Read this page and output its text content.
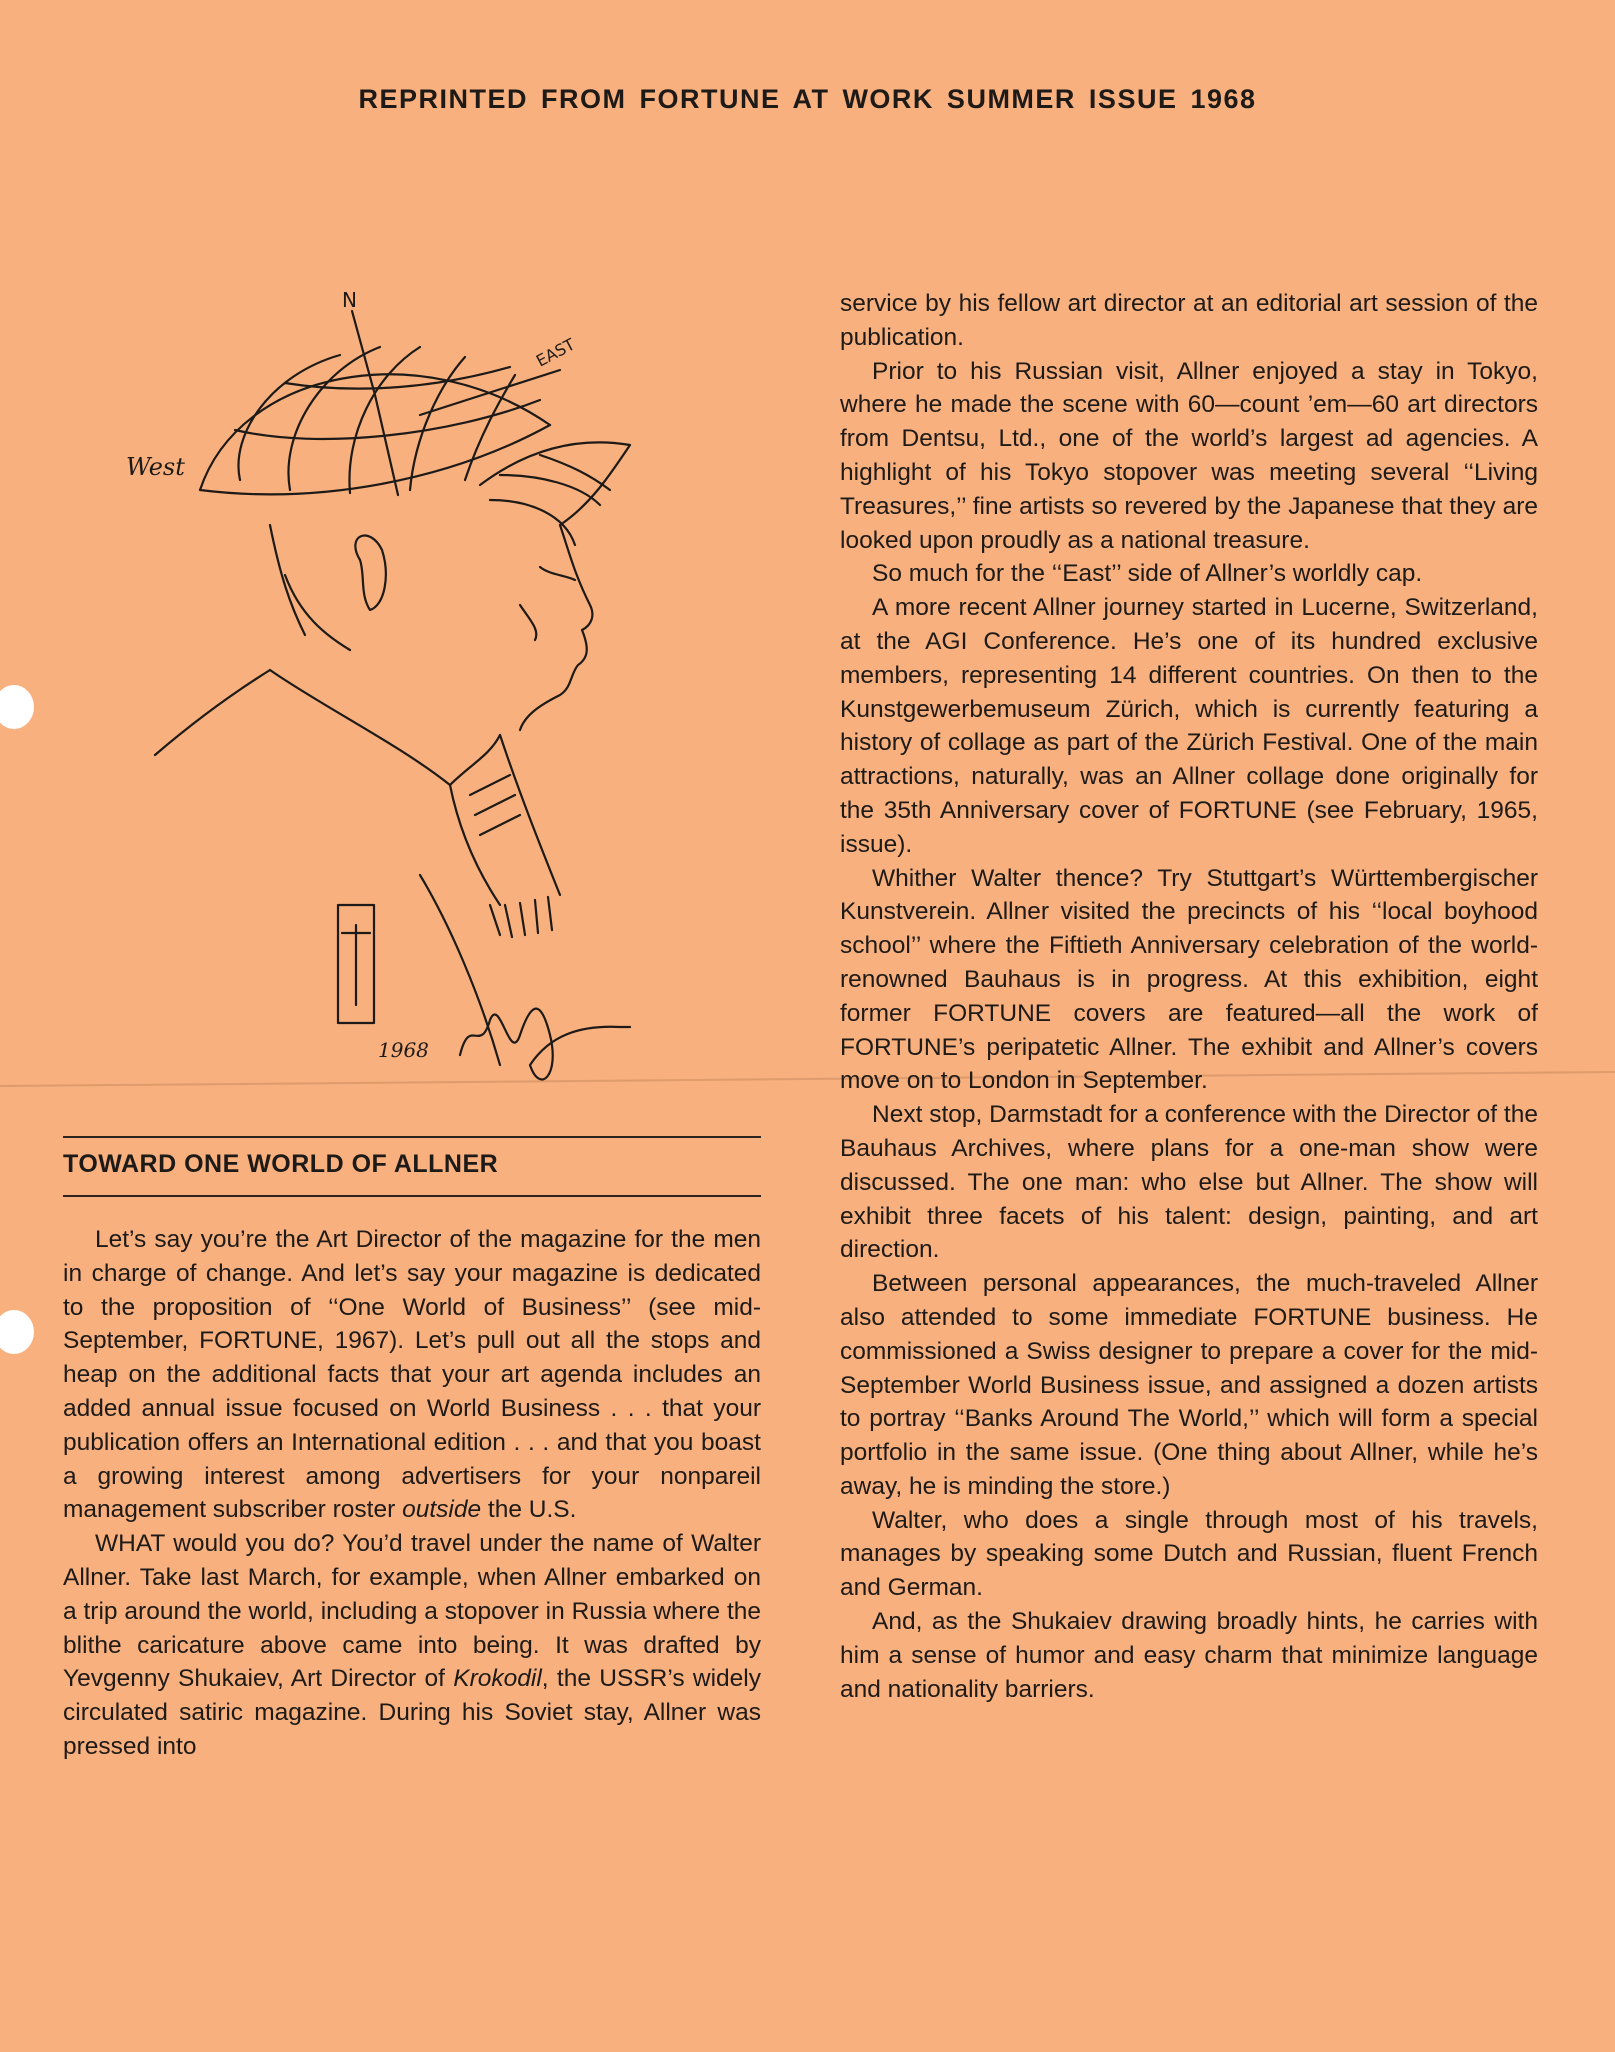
REPRINTED FROM FORTUNE AT WORK SUMMER ISSUE 1968
West
N
EAST
1968
TOWARD ONE WORLD OF ALLNER

Let’s say you’re the Art Director of the magazine for the men in charge of change. And let’s say your magazine is dedicated to the proposition of ‘‘One World of Business’’ (see mid-September, FORTUNE, 1967). Let’s pull out all the stops and heap on the additional facts that your art agenda includes an added annual issue focused on World Business . . . that your publication offers an International edition . . . and that you boast a growing interest among advertisers for your nonpareil management subscriber roster outside the U.S.

WHAT would you do? You’d travel under the name of Walter Allner. Take last March, for example, when Allner embarked on a trip around the world, including a stopover in Russia where the blithe caricature above came into being. It was drafted by Yevgenny Shukaiev, Art Director of Krokodil, the USSR’s widely circulated satiric magazine. During his Soviet stay, Allner was pressed into

service by his fellow art director at an editorial art session of the publication.

Prior to his Russian visit, Allner enjoyed a stay in Tokyo, where he made the scene with 60—count ’em—60 art directors from Dentsu, Ltd., one of the world’s largest ad agencies. A highlight of his Tokyo stopover was meeting several ‘‘Living Treasures,’’ fine artists so revered by the Japanese that they are looked upon proudly as a national treasure.

So much for the ‘‘East’’ side of Allner’s worldly cap.

A more recent Allner journey started in Lucerne, Switzerland, at the AGI Conference. He’s one of its hundred exclusive members, representing 14 different countries. On then to the Kunstgewerbemuseum Zürich, which is currently featuring a history of collage as part of the Zürich Festival. One of the main attractions, naturally, was an Allner collage done originally for the 35th Anniversary cover of FORTUNE (see February, 1965, issue).

Whither Walter thence? Try Stuttgart’s Württembergischer Kunstverein. Allner visited the precincts of his ‘‘local boyhood school’’ where the Fiftieth Anniversary celebration of the world-renowned Bauhaus is in progress. At this exhibition, eight former FORTUNE covers are featured—all the work of FORTUNE’s peripatetic Allner. The exhibit and Allner’s covers move on to London in September.

Next stop, Darmstadt for a conference with the Director of the Bauhaus Archives, where plans for a one-man show were discussed. The one man: who else but Allner. The show will exhibit three facets of his talent: design, painting, and art direction.

Between personal appearances, the much-traveled Allner also attended to some immediate FORTUNE business. He commissioned a Swiss designer to prepare a cover for the mid-September World Business issue, and assigned a dozen artists to portray ‘‘Banks Around The World,’’ which will form a special portfolio in the same issue. (One thing about Allner, while he’s away, he is minding the store.)

Walter, who does a single through most of his travels, manages by speaking some Dutch and Russian, fluent French and German.

And, as the Shukaiev drawing broadly hints, he carries with him a sense of humor and easy charm that minimize language and nationality barriers.
